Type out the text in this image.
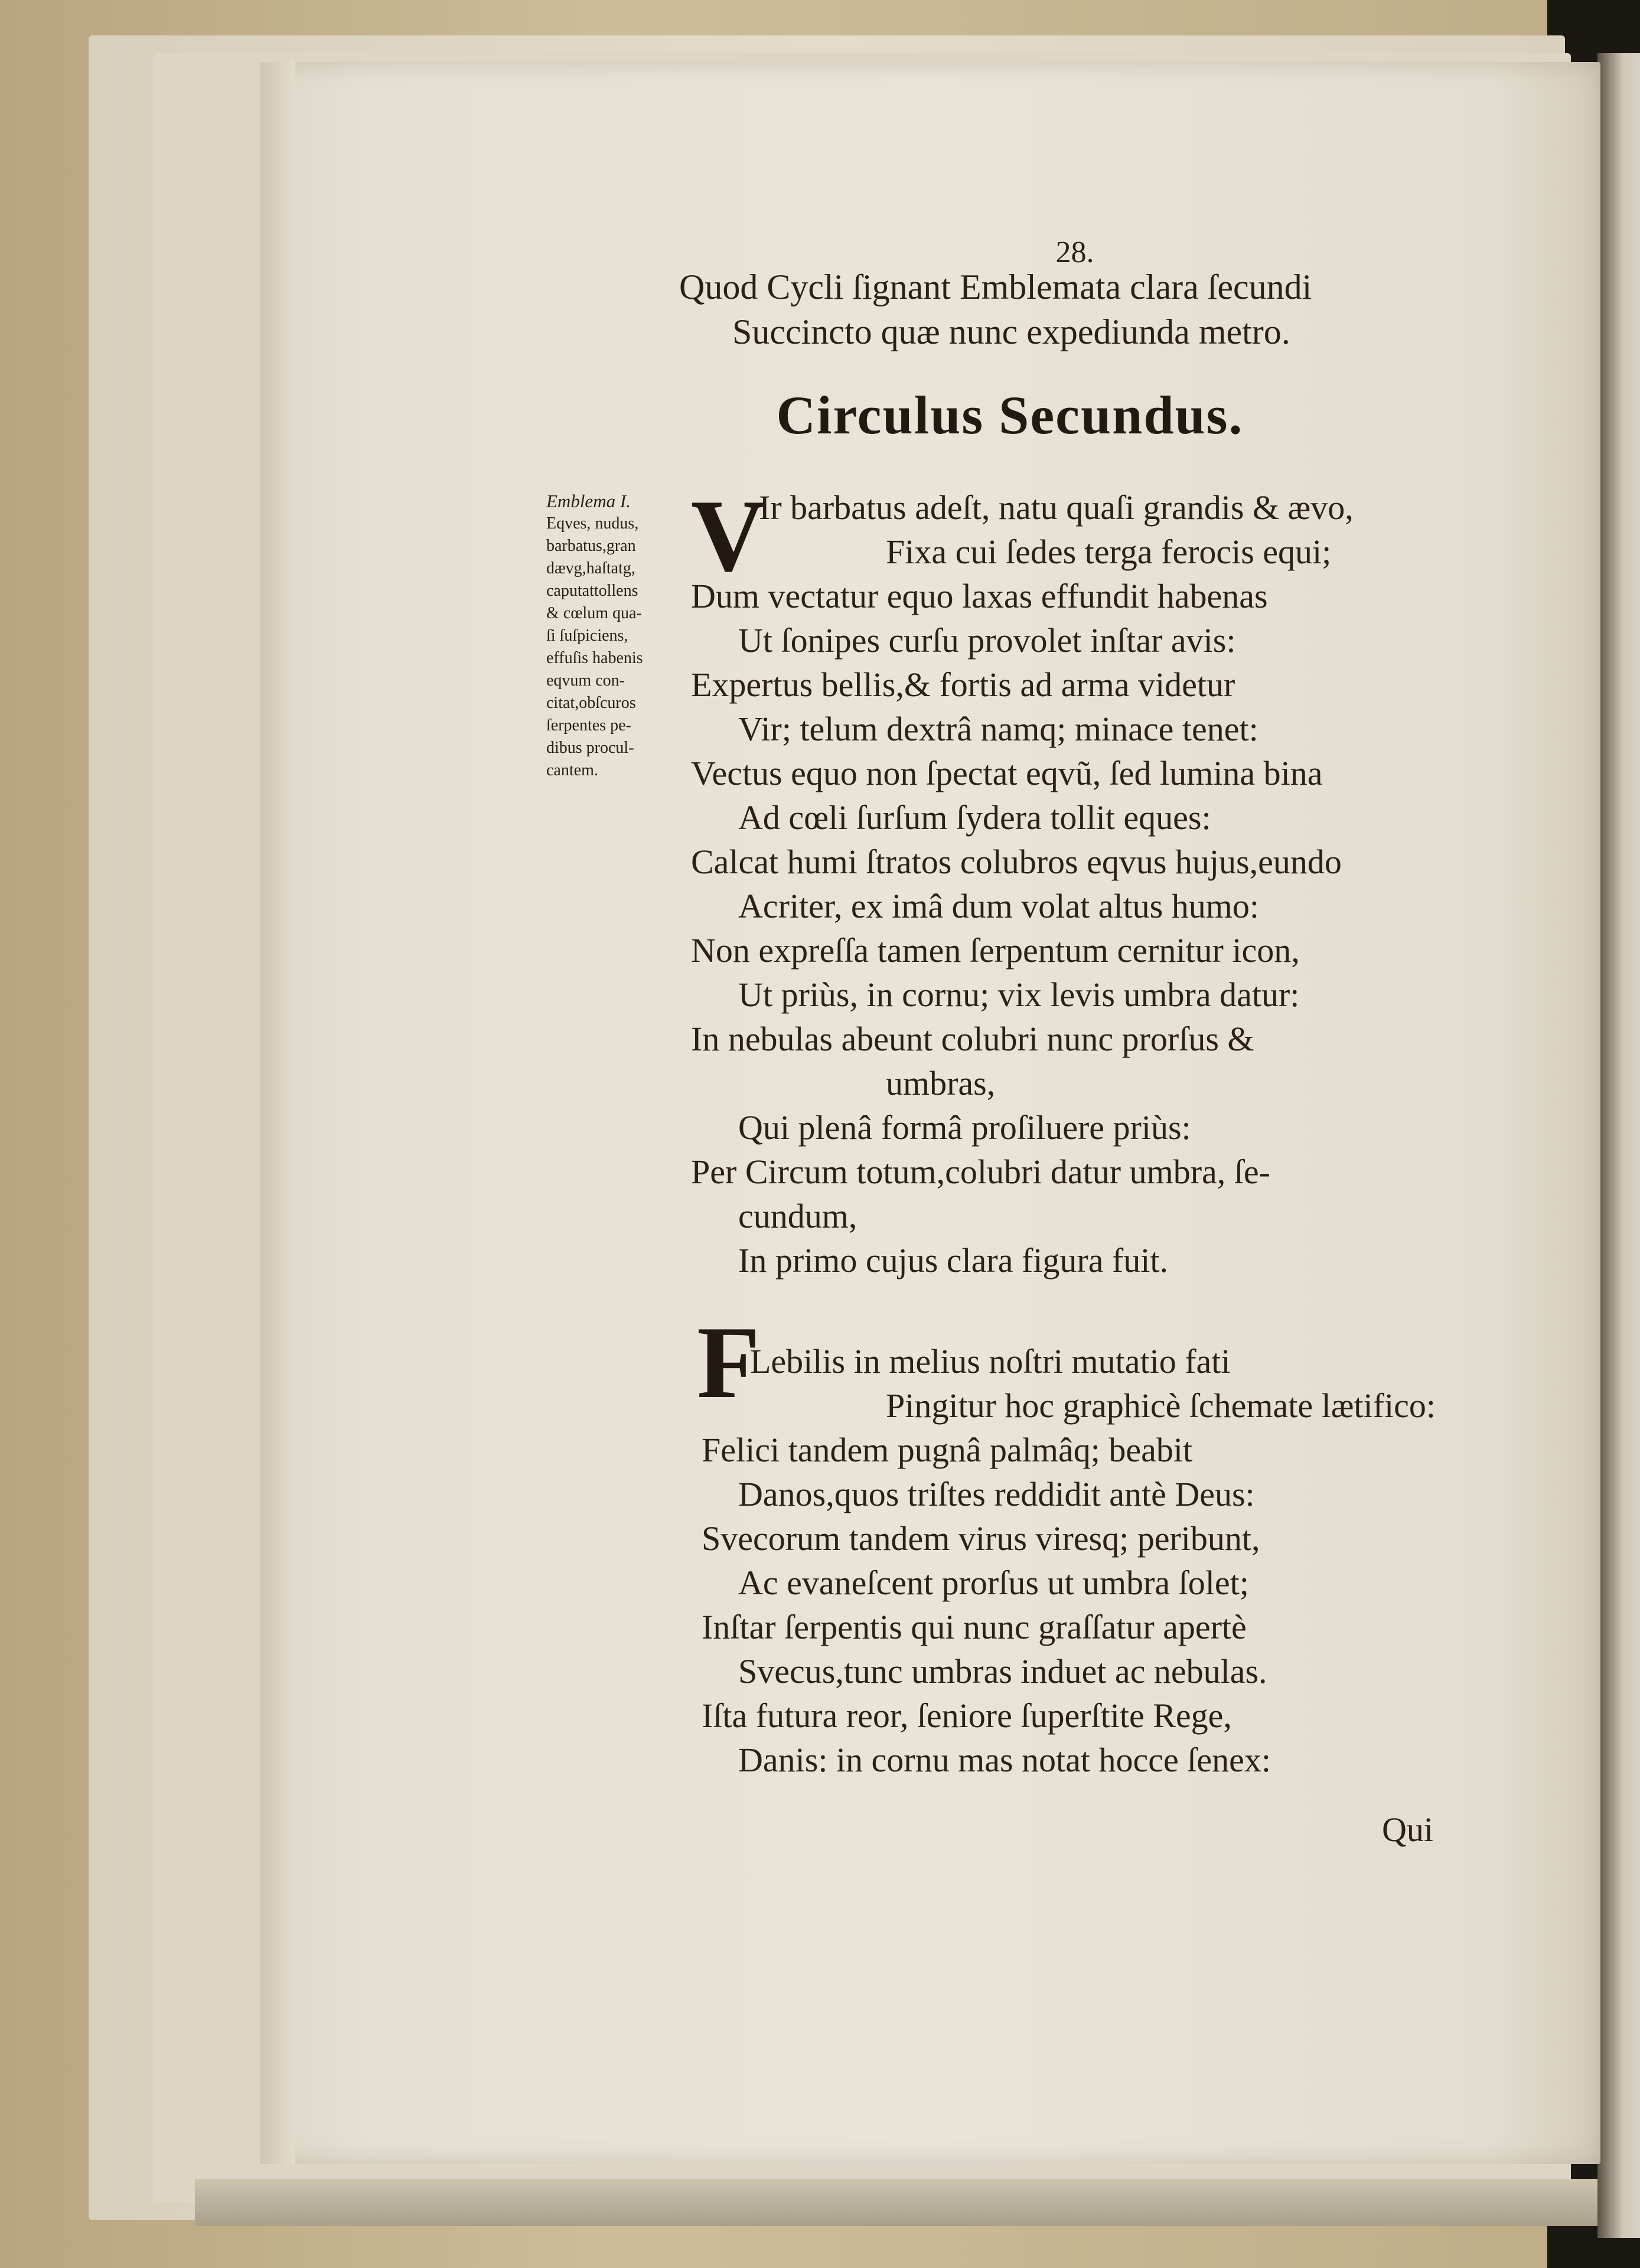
28.
Quod Cycli ſignant Emblemata clara ſecundi
Succincto quæ nunc expediunda metro.
Circulus Secundus.
Emblema I.
Eqves, nudus,
barbatus,gran
dævg,haſtatg,
caputattollens
& cœlum qua-
ſi ſuſpiciens,
effuſis habenis
eqvum con-
citat,obſcuros
ſerpentes pe-
dibus procul-
cantem.
V
Ir barbatus adeſt, natu quaſi grandis & ævo,
Fixa cui ſedes terga ferocis equi;
Dum vectatur equo laxas effundit habenas
Ut ſonipes curſu provolet inſtar avis:
Expertus bellis,& fortis ad arma videtur
Vir; telum dextrâ namq; minace tenet:
Vectus equo non ſpectat eqvũ, ſed lumina bina
Ad cœli ſurſum ſydera tollit eques:
Calcat humi ſtratos colubros eqvus hujus,eundo
Acriter, ex imâ dum volat altus humo:
Non expreſſa tamen ſerpentum cernitur icon,
Ut priùs, in cornu; vix levis umbra datur:
In nebulas abeunt colubri nunc prorſus &
umbras,
Qui plenâ formâ proſiluere priùs:
Per Circum totum,colubri datur umbra, ſe-
cundum,
In primo cujus clara figura fuit.
F
Lebilis in melius noſtri mutatio fati
Pingitur hoc graphicè ſchemate lætifico:
Felici tandem pugnâ palmâq; beabit
Danos,quos triſtes reddidit antè Deus:
Svecorum tandem virus viresq; peribunt,
Ac evaneſcent prorſus ut umbra ſolet;
Inſtar ſerpentis qui nunc graſſatur apertè
Svecus,tunc umbras induet ac nebulas.
Iſta futura reor, ſeniore ſuperſtite Rege,
Danis: in cornu mas notat hocce ſenex:
Qui
